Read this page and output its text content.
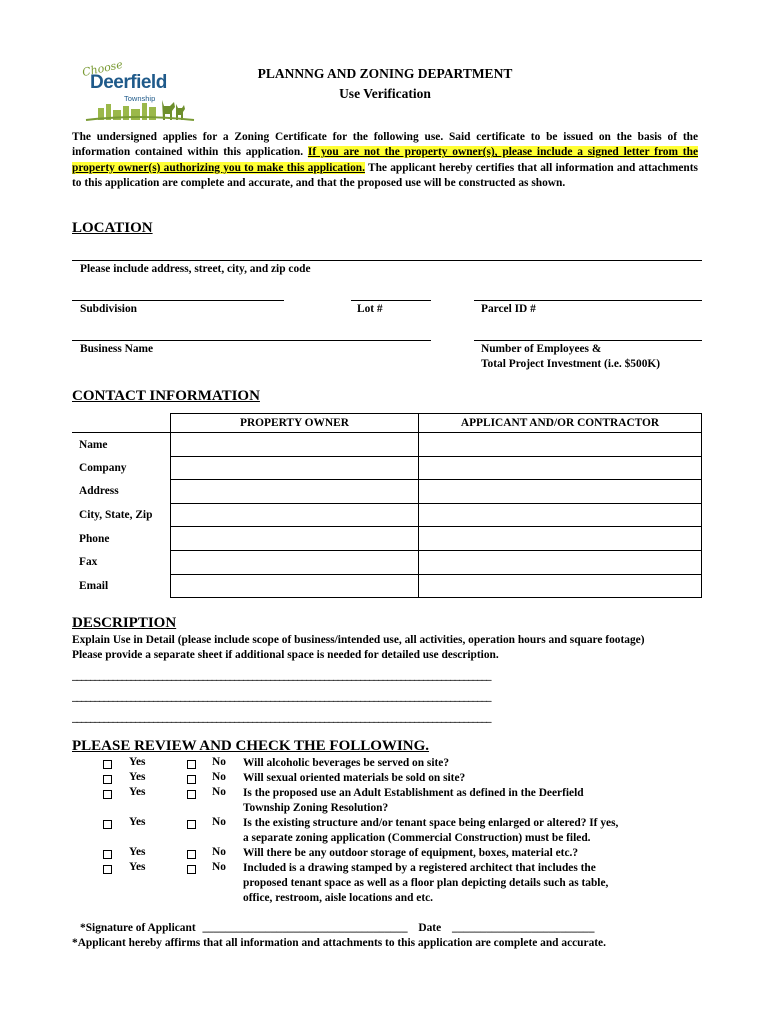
Choose
Deerfield
Township
PLANNNG AND ZONING DEPARTMENT
Use Verification
The undersigned applies for a Zoning Certificate for the following use. Said certificate to be issued on the basis of the information contained within this application. If you are not the property owner(s), please include a signed letter from the property owner(s) authorizing you to make this application. The applicant hereby certifies that all information and attachments to this application are complete and accurate, and that the proposed use will be constructed as shown.
LOCATION
Please include address, street, city, and zip code
Subdivision	Lot #	Parcel ID #
Business Name	Number of Employees &
Total Project Investment (i.e. $500K)
CONTACT INFORMATION
	PROPERTY OWNER	APPLICANT AND/OR CONTRACTOR
Name		
Company		
Address		
City, State, Zip		
Phone		
Fax		
Email		
DESCRIPTION
Explain Use in Detail (please include scope of business/intended use, all activities, operation hours and square footage)
Please provide a separate sheet if additional space is needed for detailed use description.
_____________________________________________________________________________________________
_____________________________________________________________________________________________
_____________________________________________________________________________________________
PLEASE REVIEW AND CHECK THE FOLLOWING.
Yes	No Will alcoholic beverages be served on site?
Yes	No Will sexual oriented materials be sold on site?
Yes	No Is the proposed use an Adult Establishment as defined in the Deerfield
Township Zoning Resolution?
Yes	No Is the existing structure and/or tenant space being enlarged or altered? If yes,
a separate zoning application (Commercial Construction) must be filed.
Yes	No Will there be any outdoor storage of equipment, boxes, material etc.?
Yes	No Included is a drawing stamped by a registered architect that includes the
proposed tenant space as well as a floor plan depicting details such as table,
office, restroom, aisle locations and etc.
*Signature of Applicant ____________________________________ Date _________________________
*Applicant hereby affirms that all information and attachments to this application are complete and accurate.
